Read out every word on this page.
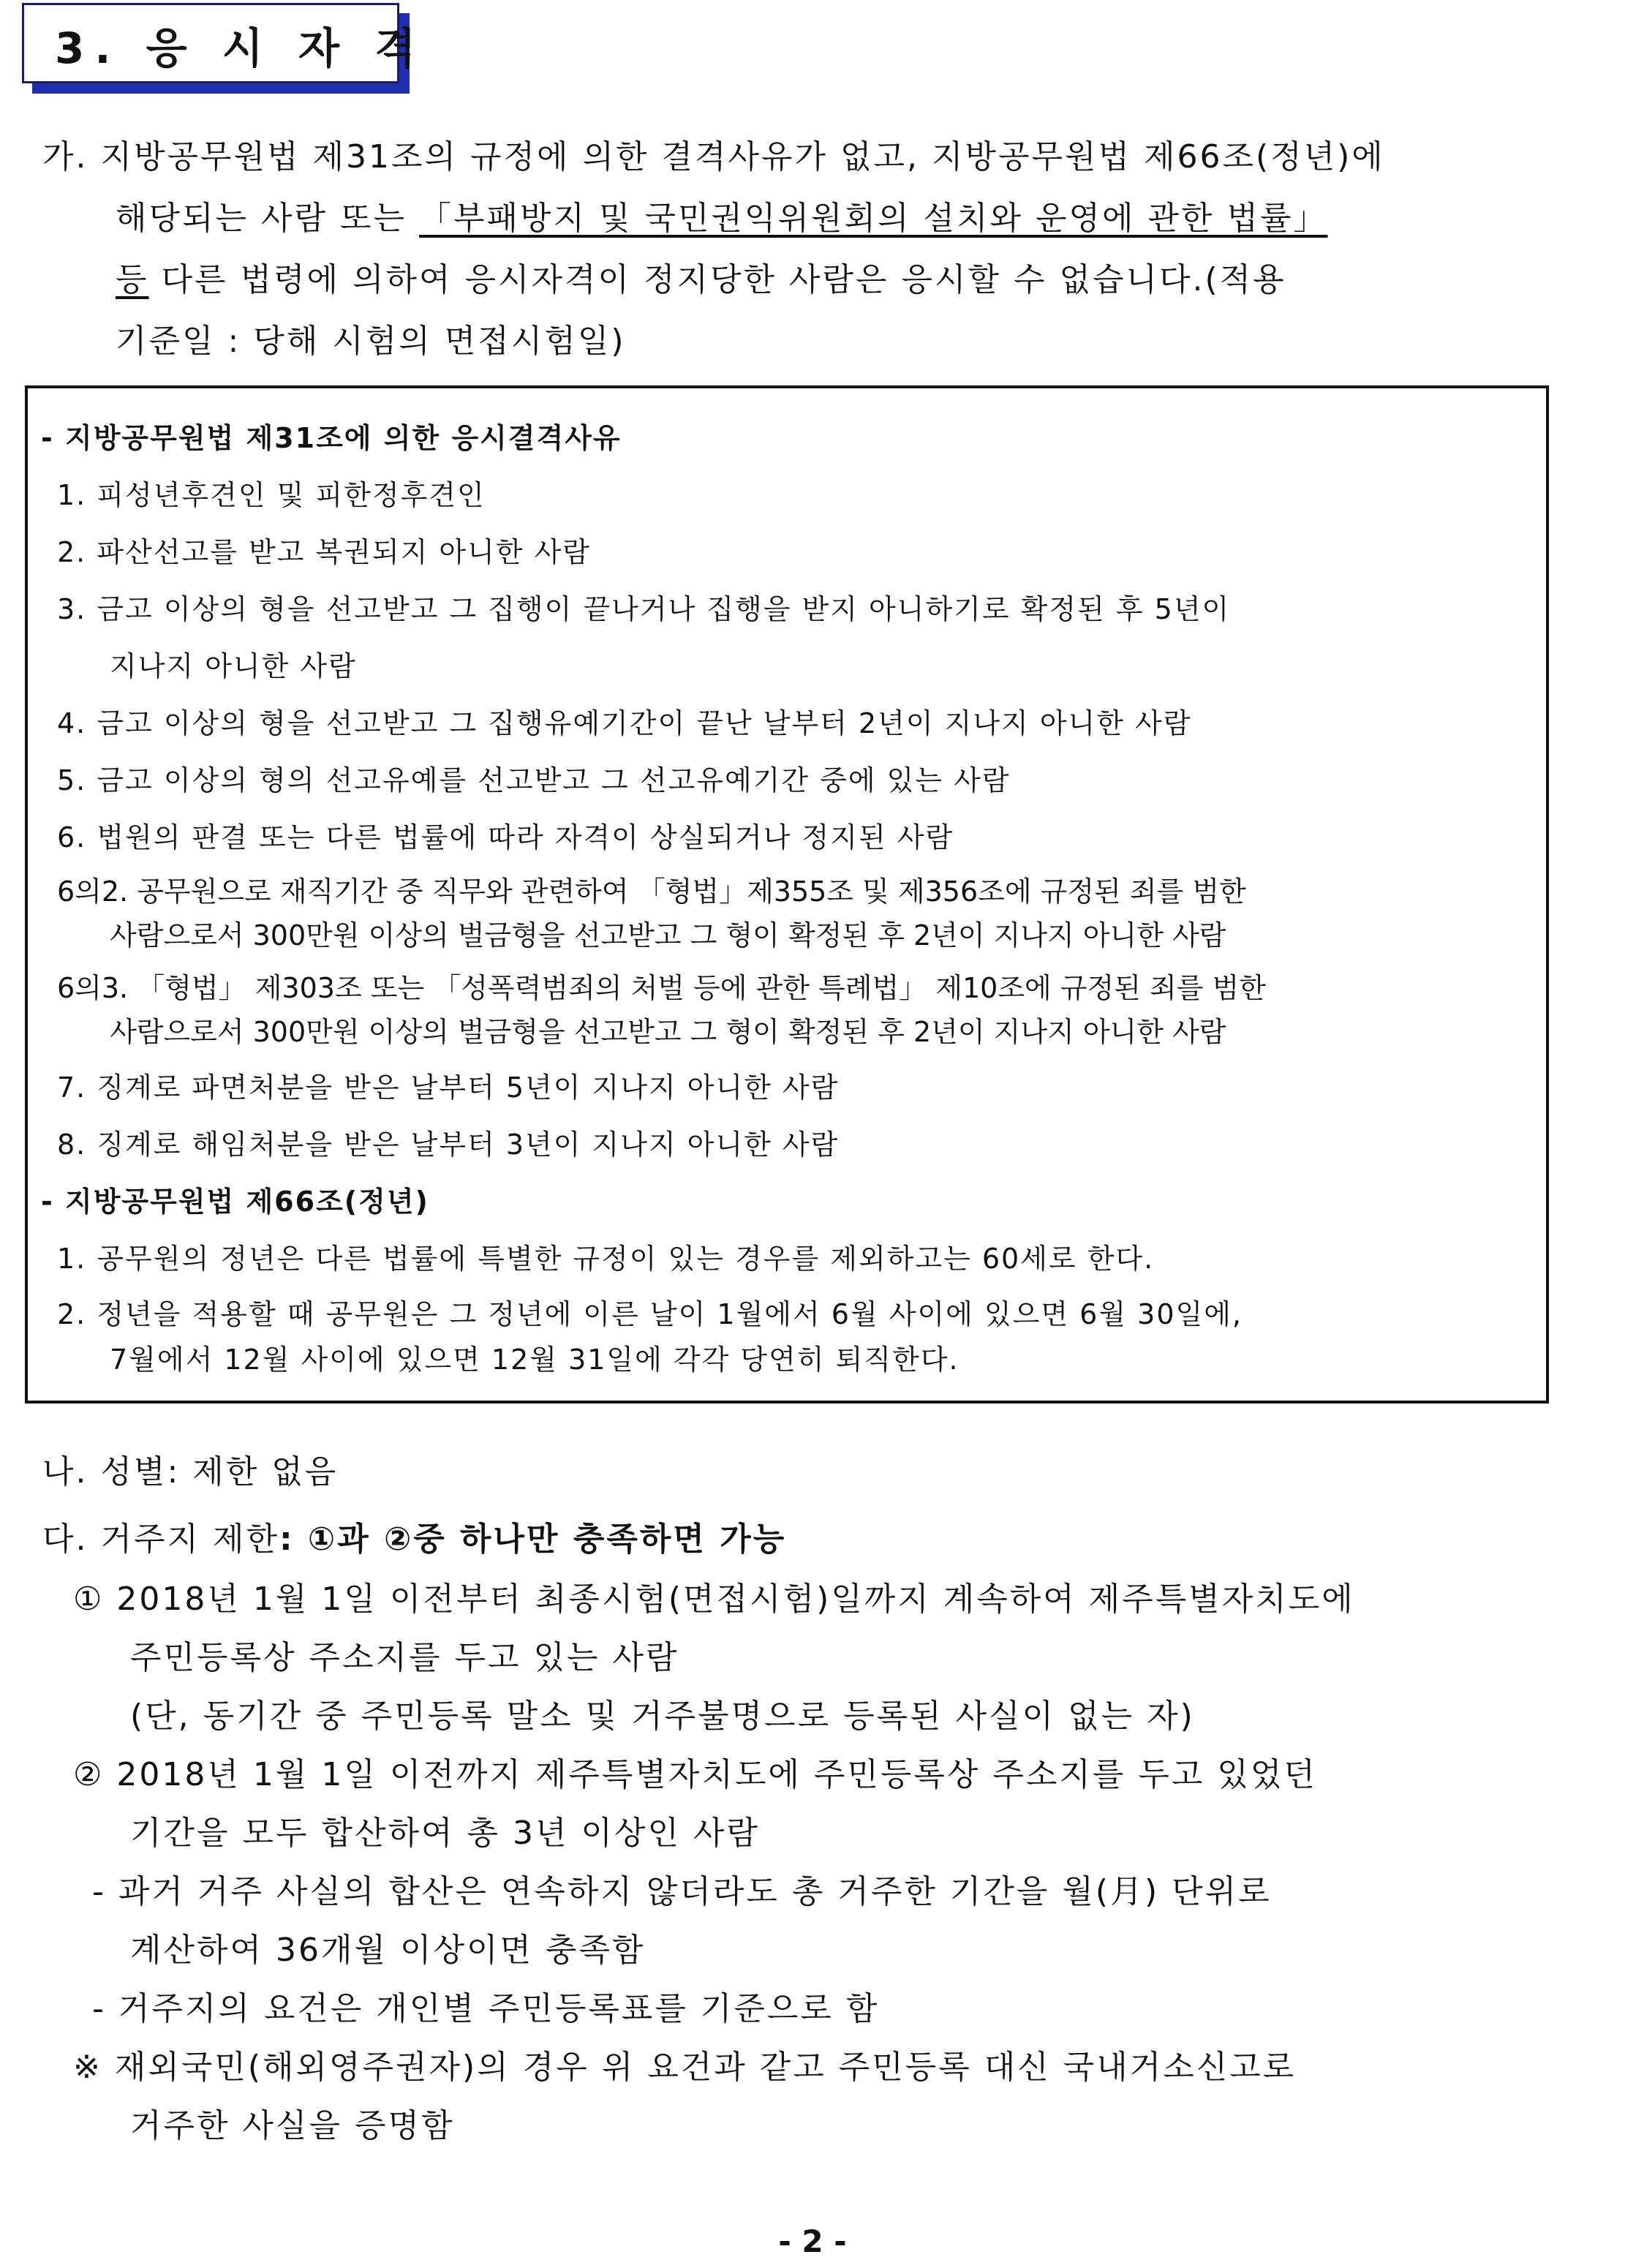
3. 응 시 자 격
가. 지방공무원법 제31조의 규정에 의한 결격사유가 없고, 지방공무원법 제66조(정년)에
해당되는 사람 또는 「부패방지 및 국민권익위원회의 설치와 운영에 관한 법률」
등 다른 법령에 의하여 응시자격이 정지당한 사람은 응시할 수 없습니다.(적용
기준일 : 당해 시험의 면접시험일)
- 지방공무원법 제31조에 의한 응시결격사유
1. 피성년후견인 및 피한정후견인
2. 파산선고를 받고 복권되지 아니한 사람
3. 금고 이상의 형을 선고받고 그 집행이 끝나거나 집행을 받지 아니하기로 확정된 후 5년이
지나지 아니한 사람
4. 금고 이상의 형을 선고받고 그 집행유예기간이 끝난 날부터 2년이 지나지 아니한 사람
5. 금고 이상의 형의 선고유예를 선고받고 그 선고유예기간 중에 있는 사람
6. 법원의 판결 또는 다른 법률에 따라 자격이 상실되거나 정지된 사람
6의2. 공무원으로 재직기간 중 직무와 관련하여 「형법」제355조 및 제356조에 규정된 죄를 범한
사람으로서 300만원 이상의 벌금형을 선고받고 그 형이 확정된 후 2년이 지나지 아니한 사람
6의3. 「형법」 제303조 또는 「성폭력범죄의 처벌 등에 관한 특례법」 제10조에 규정된 죄를 범한
사람으로서 300만원 이상의 벌금형을 선고받고 그 형이 확정된 후 2년이 지나지 아니한 사람
7. 징계로 파면처분을 받은 날부터 5년이 지나지 아니한 사람
8. 징계로 해임처분을 받은 날부터 3년이 지나지 아니한 사람
- 지방공무원법 제66조(정년)
1. 공무원의 정년은 다른 법률에 특별한 규정이 있는 경우를 제외하고는 60세로 한다.
2. 정년을 적용할 때 공무원은 그 정년에 이른 날이 1월에서 6월 사이에 있으면 6월 30일에,
7월에서 12월 사이에 있으면 12월 31일에 각각 당연히 퇴직한다.
나. 성별: 제한 없음
다. 거주지 제한: ①과 ②중 하나만 충족하면 가능
① 2018년 1월 1일 이전부터 최종시험(면접시험)일까지 계속하여 제주특별자치도에
주민등록상 주소지를 두고 있는 사람
(단, 동기간 중 주민등록 말소 및 거주불명으로 등록된 사실이 없는 자)
② 2018년 1월 1일 이전까지 제주특별자치도에 주민등록상 주소지를 두고 있었던
기간을 모두 합산하여 총 3년 이상인 사람
- 과거 거주 사실의 합산은 연속하지 않더라도 총 거주한 기간을 월(月) 단위로
계산하여 36개월 이상이면 충족함
- 거주지의 요건은 개인별 주민등록표를 기준으로 함
※ 재외국민(해외영주권자)의 경우 위 요건과 같고 주민등록 대신 국내거소신고로
거주한 사실을 증명함
- 2 -
